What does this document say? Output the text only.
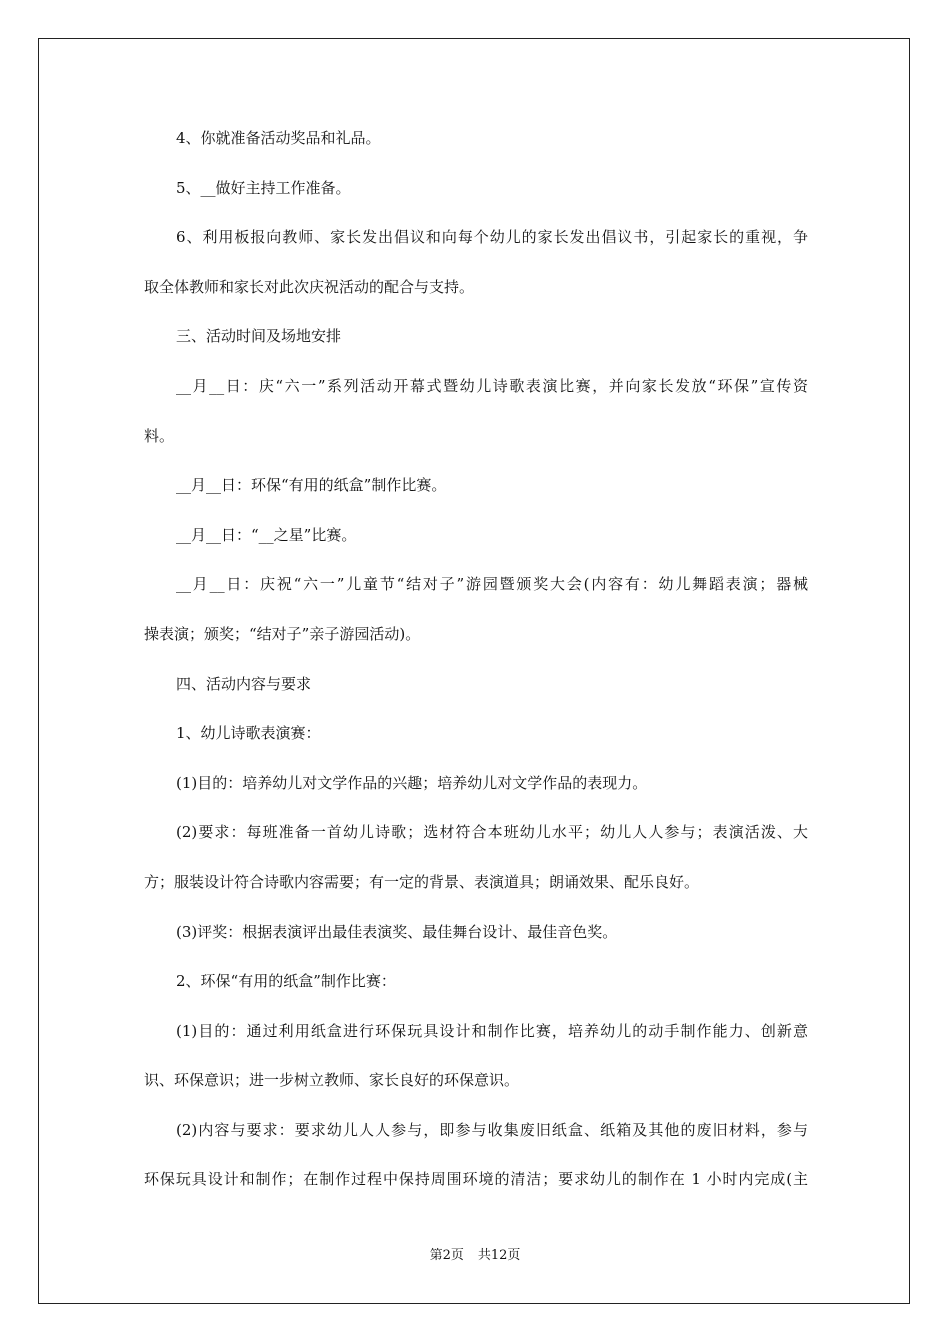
4、你就准备活动奖品和礼品。
5、__做好主持工作准备。
6、利用板报向教师、家长发出倡议和向每个幼儿的家长发出倡议书，引起家长的重视，争
取全体教师和家长对此次庆祝活动的配合与支持。
三、活动时间及场地安排
__月__日：庆“六一”系列活动开幕式暨幼儿诗歌表演比赛，并向家长发放“环保”宣传资
料。
__月__日：环保“有用的纸盒”制作比赛。
__月__日：“__之星”比赛。
__月__日：庆祝“六一”儿童节“结对子”游园暨颁奖大会(内容有：幼儿舞蹈表演；器械
操表演；颁奖；“结对子”亲子游园活动)。
四、活动内容与要求
1、幼儿诗歌表演赛：
(1)目的：培养幼儿对文学作品的兴趣；培养幼儿对文学作品的表现力。
(2)要求：每班准备一首幼儿诗歌；选材符合本班幼儿水平；幼儿人人参与；表演活泼、大
方；服装设计符合诗歌内容需要；有一定的背景、表演道具；朗诵效果、配乐良好。
(3)评奖：根据表演评出最佳表演奖、最佳舞台设计、最佳音色奖。
2、环保“有用的纸盒”制作比赛：
(1)目的：通过利用纸盒进行环保玩具设计和制作比赛，培养幼儿的动手制作能力、创新意
识、环保意识；进一步树立教师、家长良好的环保意识。
(2)内容与要求：要求幼儿人人参与，即参与收集废旧纸盒、纸箱及其他的废旧材料，参与
环保玩具设计和制作；在制作过程中保持周围环境的清洁；要求幼儿的制作在 1 小时内完成(主
第2页 共12页
